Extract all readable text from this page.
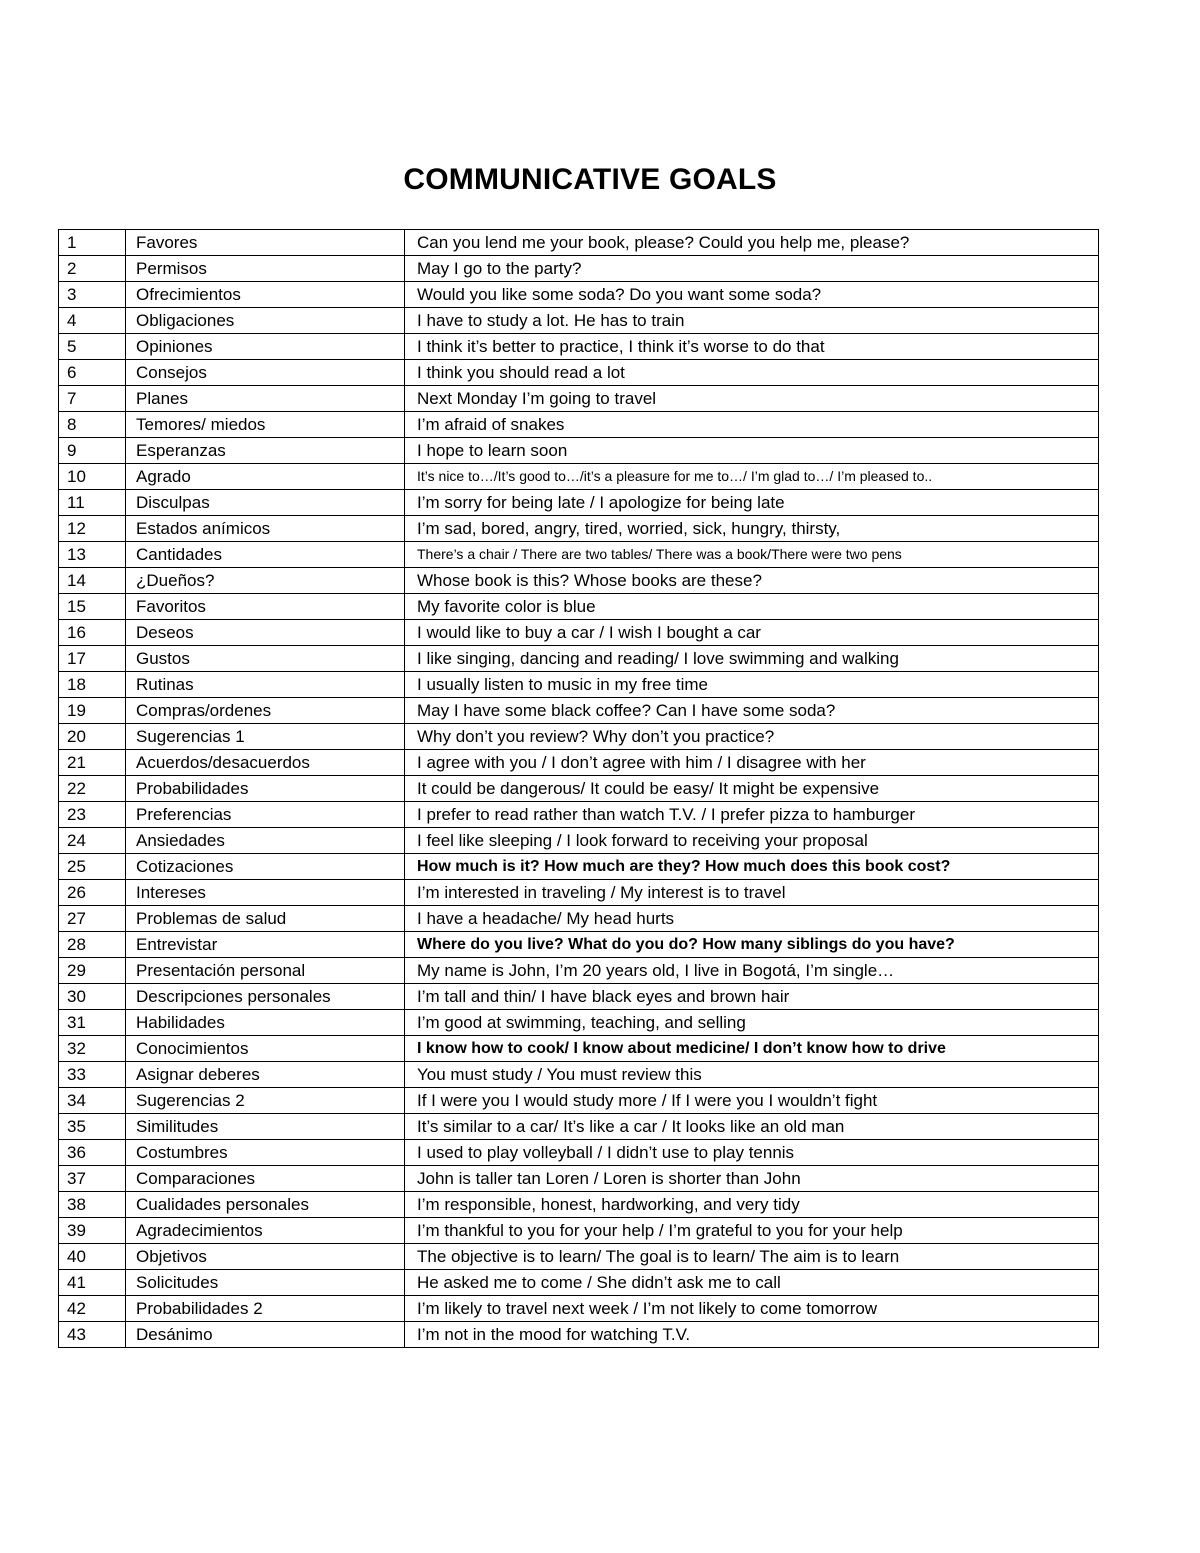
COMMUNICATIVE GOALS
1	Favores	Can you lend me your book, please? Could you help me, please?
2	Permisos	May I go to the party?
3	Ofrecimientos	Would you like some soda? Do you want some soda?
4	Obligaciones	I have to study a lot. He has to train
5	Opiniones	I think it’s better to practice, I think it’s worse to do that
6	Consejos	I think you should read a lot
7	Planes	Next Monday I’m going to travel
8	Temores/ miedos	I’m afraid of snakes
9	Esperanzas	I hope to learn soon
10	Agrado	It’s nice to…/It’s good to…/it’s a pleasure for me to…/ I’m glad to…/ I’m pleased to..
11	Disculpas	I’m sorry for being late / I apologize for being late
12	Estados anímicos	I’m sad, bored, angry, tired, worried, sick, hungry, thirsty,
13	Cantidades	There’s a chair / There are two tables/ There was a book/There were two pens
14	¿Dueños?	Whose book is this? Whose books are these?
15	Favoritos	My favorite color is blue
16	Deseos	I would like to buy a car / I wish I bought a car
17	Gustos	I like singing, dancing and reading/ I love swimming and walking
18	Rutinas	I usually listen to music in my free time
19	Compras/ordenes	May I have some black coffee? Can I have some soda?
20	Sugerencias 1	Why don’t you review? Why don’t you practice?
21	Acuerdos/desacuerdos	I agree with you / I don’t agree with him / I disagree with her
22	Probabilidades	It could be dangerous/ It could be easy/ It might be expensive
23	Preferencias	I prefer to read rather than watch T.V. / I prefer pizza to hamburger
24	Ansiedades	I feel like sleeping / I look forward to receiving your proposal
25	Cotizaciones	How much is it? How much are they? How much does this book cost?
26	Intereses	I’m interested in traveling / My interest is to travel
27	Problemas de salud	I have a headache/ My head hurts
28	Entrevistar	Where do you live? What do you do? How many siblings do you have?
29	Presentación personal	My name is John, I’m 20 years old, I live in Bogotá, I’m single…
30	Descripciones personales	I’m tall and thin/ I have black eyes and brown hair
31	Habilidades	I’m good at swimming, teaching, and selling
32	Conocimientos	I know how to cook/ I know about medicine/ I don’t know how to drive
33	Asignar deberes	You must study / You must review this
34	Sugerencias 2	If I were you I would study more / If I were you I wouldn’t fight
35	Similitudes	It’s similar to a car/ It’s like a car / It looks like an old man
36	Costumbres	I used to play volleyball / I didn’t use to play tennis
37	Comparaciones	John is taller tan Loren / Loren is shorter than John
38	Cualidades personales	I’m responsible, honest, hardworking, and very tidy
39	Agradecimientos	I’m thankful to you for your help / I’m grateful to you for your help
40	Objetivos	The objective is to learn/ The goal is to learn/ The aim is to learn
41	Solicitudes	He asked me to come / She didn’t ask me to call
42	Probabilidades 2	I’m likely to travel next week / I’m not likely to come tomorrow
43	Desánimo	I’m not in the mood for watching T.V.
